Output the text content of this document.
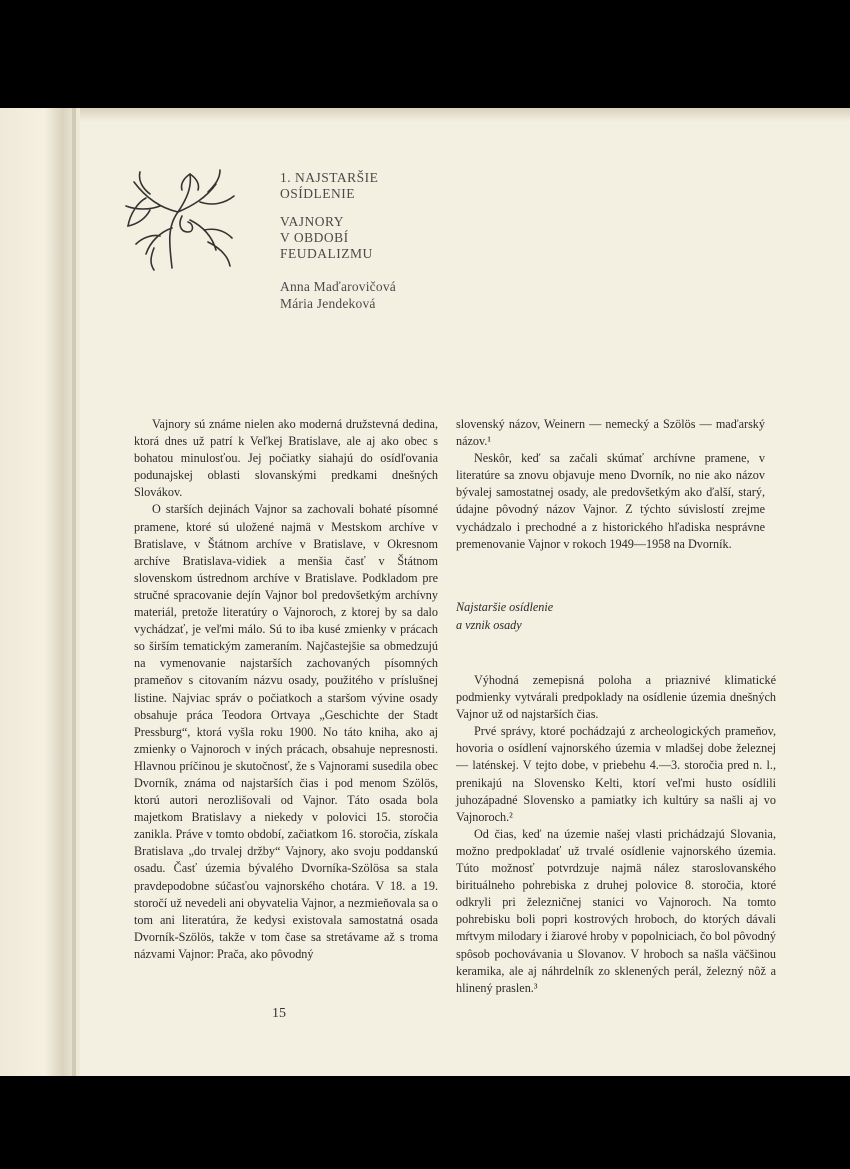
1. NAJSTARŠIE
OSÍDLENIE
VAJNORY
V OBDOBÍ
FEUDALIZMU
Anna Maďarovičová
Mária Jendeková

Vajnory sú známe nielen ako moderná družstevná dedina, ktorá dnes už patrí k Veľkej Bratislave, ale aj ako obec s bohatou minulosťou. Jej počiatky siahajú do osídľovania podunajskej oblasti slovanskými predkami dnešných Slovákov.

O starších dejinách Vajnor sa zachovali bohaté písomné pramene, ktoré sú uložené najmä v Mestskom archíve v Bratislave, v Štátnom archíve v Bratislave, v Okresnom archíve Bratislava-vidiek a menšia časť v Štátnom slovenskom ústrednom archíve v Bratislave. Podkladom pre stručné spracovanie dejín Vajnor bol predovšetkým archívny materiál, pretože literatúry o Vajnoroch, z ktorej by sa dalo vychádzať, je veľmi málo. Sú to iba kusé zmienky v prácach so širším tematickým zameraním. Najčastejšie sa obmedzujú na vymenovanie najstarších zachovaných písomných prameňov s citovaním názvu osady, použitého v príslušnej listine. Najviac správ o počiatkoch a staršom vývine osady obsahuje práca Teodora Ortvaya „Geschichte der Stadt Pressburg“, ktorá vyšla roku 1900. No táto kniha, ako aj zmienky o Vajnoroch v iných prácach, obsahuje nepresnosti. Hlavnou príčinou je skutočnosť, že s Vajnorami susedila obec Dvorník, známa od najstarších čias i pod menom Szölös, ktorú autori nerozlišovali od Vajnor. Táto osada bola majetkom Bratislavy a niekedy v polovici 15. storočia zanikla. Práve v tomto období, začiatkom 16. storočia, získala Bratislava „do trvalej držby“ Vajnory, ako svoju poddanskú osadu. Časť územia bývalého Dvorníka-Szölösa sa stala pravdepodobne súčasťou vajnorského chotára. V 18. a 19. storočí už nevedeli ani obyvatelia Vajnor, a nezmieňovala sa o tom ani literatúra, že kedysi existovala samostatná osada Dvorník-Szölös, takže v tom čase sa stretávame až s troma názvami Vajnor: Prača, ako pôvodný

slovenský názov, Weinern — nemecký a Szölös — maďarský názov.¹

Neskôr, keď sa začali skúmať archívne pramene, v literatúre sa znovu objavuje meno Dvorník, no nie ako názov bývalej samostatnej osady, ale predovšetkým ako ďalší, starý, údajne pôvodný názov Vajnor. Z týchto súvislostí zrejme vychádzalo i prechodné a z historického hľadiska nesprávne premenovanie Vajnor v rokoch 1949—1958 na Dvorník.

Najstaršie osídlenie
a vznik osady

Výhodná zemepisná poloha a priaznivé klimatické podmienky vytvárali predpoklady na osídlenie územia dnešných Vajnor už od najstarších čias.

Prvé správy, ktoré pochádzajú z archeologických prameňov, hovoria o osídlení vajnorského územia v mladšej dobe železnej — laténskej. V tejto dobe, v priebehu 4.—3. storočia pred n. l., prenikajú na Slovensko Kelti, ktorí veľmi husto osídlili juhozápadné Slovensko a pamiatky ich kultúry sa našli aj vo Vajnoroch.²

Od čias, keď na územie našej vlasti prichádzajú Slovania, možno predpokladať už trvalé osídlenie vajnorského územia. Túto možnosť potvrdzuje najmä nález staroslovanského birituálneho pohrebiska z druhej polovice 8. storočia, ktoré odkryli pri železničnej stanici vo Vajnoroch. Na tomto pohrebisku boli popri kostrových hroboch, do ktorých dávali mŕtvym milodary i žiarové hroby v popolniciach, čo bol pôvodný spôsob pochovávania u Slovanov. V hroboch sa našla väčšinou keramika, ale aj náhrdelník zo sklenených perál, železný nôž a hlinený praslen.³

15
